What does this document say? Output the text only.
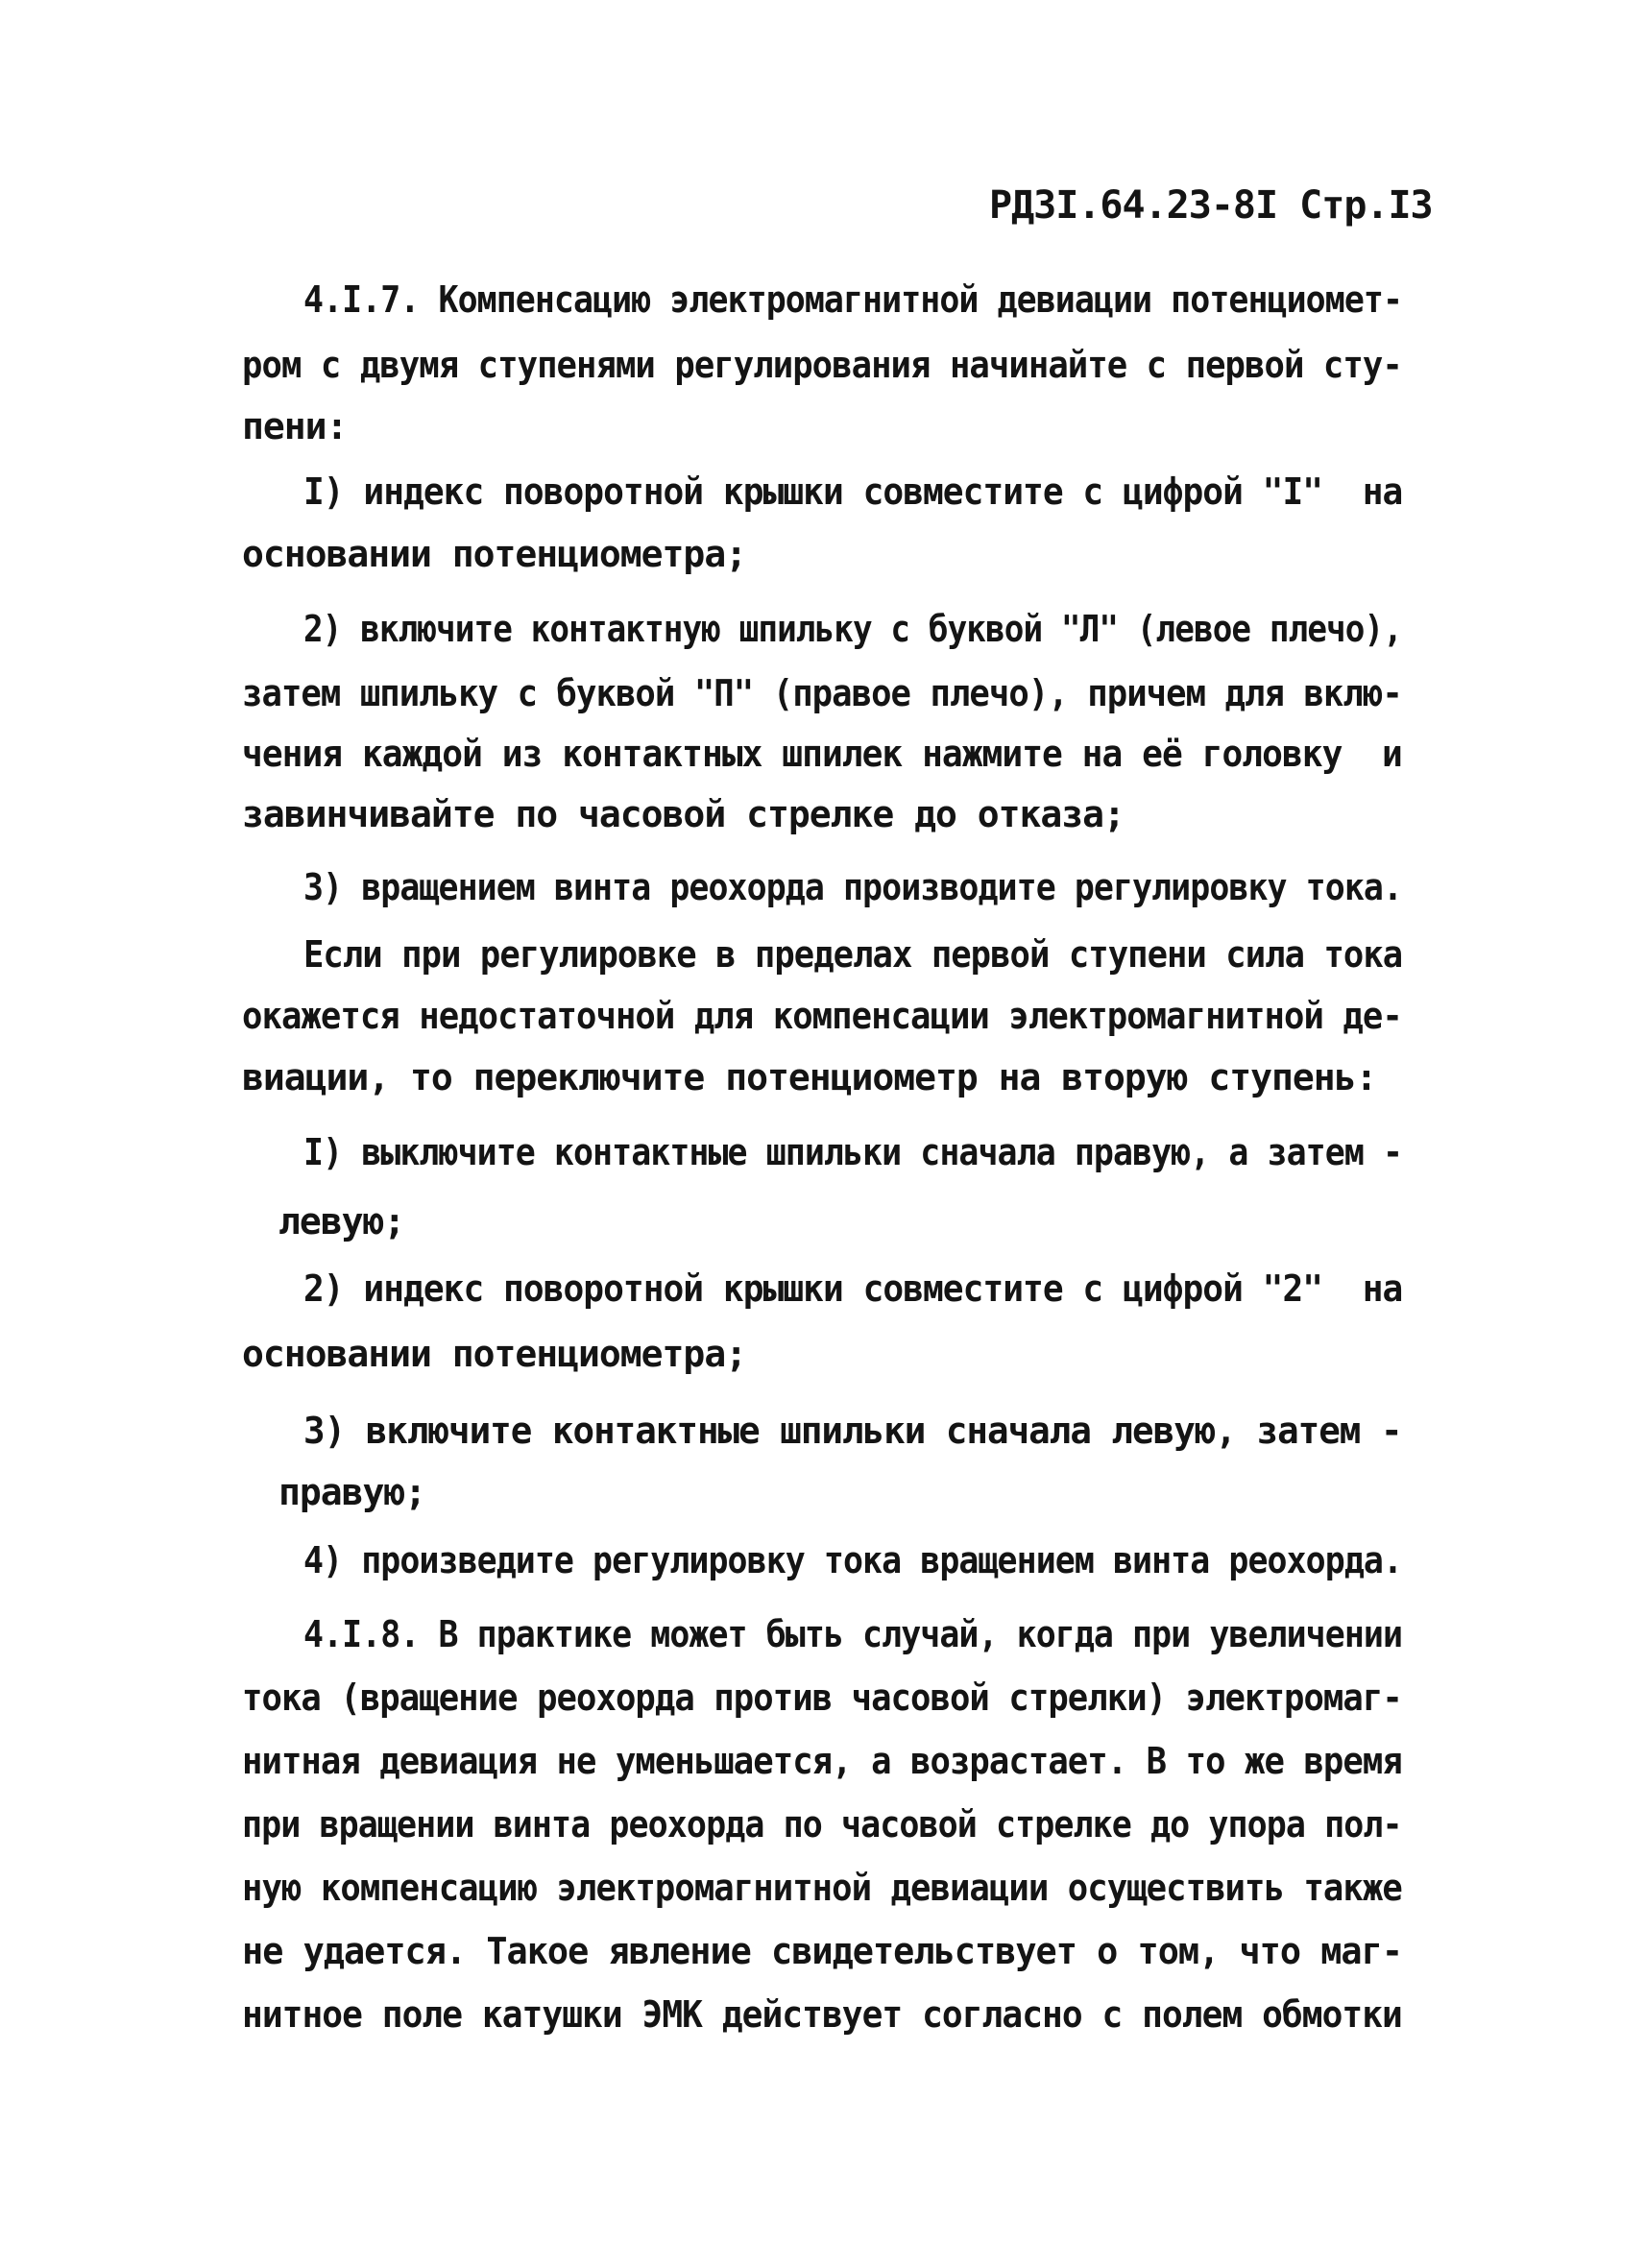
РДЗI.64.23-8I Стр.I3
4.I.7. Компенсацию электромагнитной девиации потенциомет-
ром с двумя ступенями регулирования начинайте с первой сту-
пени:
I) индекс поворотной крышки совместите с цифрой "I"  на
основании потенциометра;
2) включите контактную шпильку с буквой "Л" (левое плечо),
затем шпильку с буквой "П" (правое плечо), причем для вклю-
чения каждой из контактных шпилек нажмите на её головку  и
завинчивайте по часовой стрелке до отказа;
3) вращением винта реохорда производите регулировку тока.
Если при регулировке в пределах первой ступени сила тока
окажется недостаточной для компенсации электромагнитной де-
виации, то переключите потенциометр на вторую ступень:
I) выключите контактные шпильки сначала правую, а затем -
левую;
2) индекс поворотной крышки совместите с цифрой "2"  на
основании потенциометра;
3) включите контактные шпильки сначала левую, затем -
правую;
4) произведите регулировку тока вращением винта реохорда.
4.I.8. В практике может быть случай, когда при увеличении
тока (вращение реохорда против часовой стрелки) электромаг-
нитная девиация не уменьшается, а возрастает. В то же время
при вращении винта реохорда по часовой стрелке до упора пол-
ную компенсацию электромагнитной девиации осуществить также
не удается. Такое явление свидетельствует о том, что маг-
нитное поле катушки ЭМК действует согласно с полем обмотки
